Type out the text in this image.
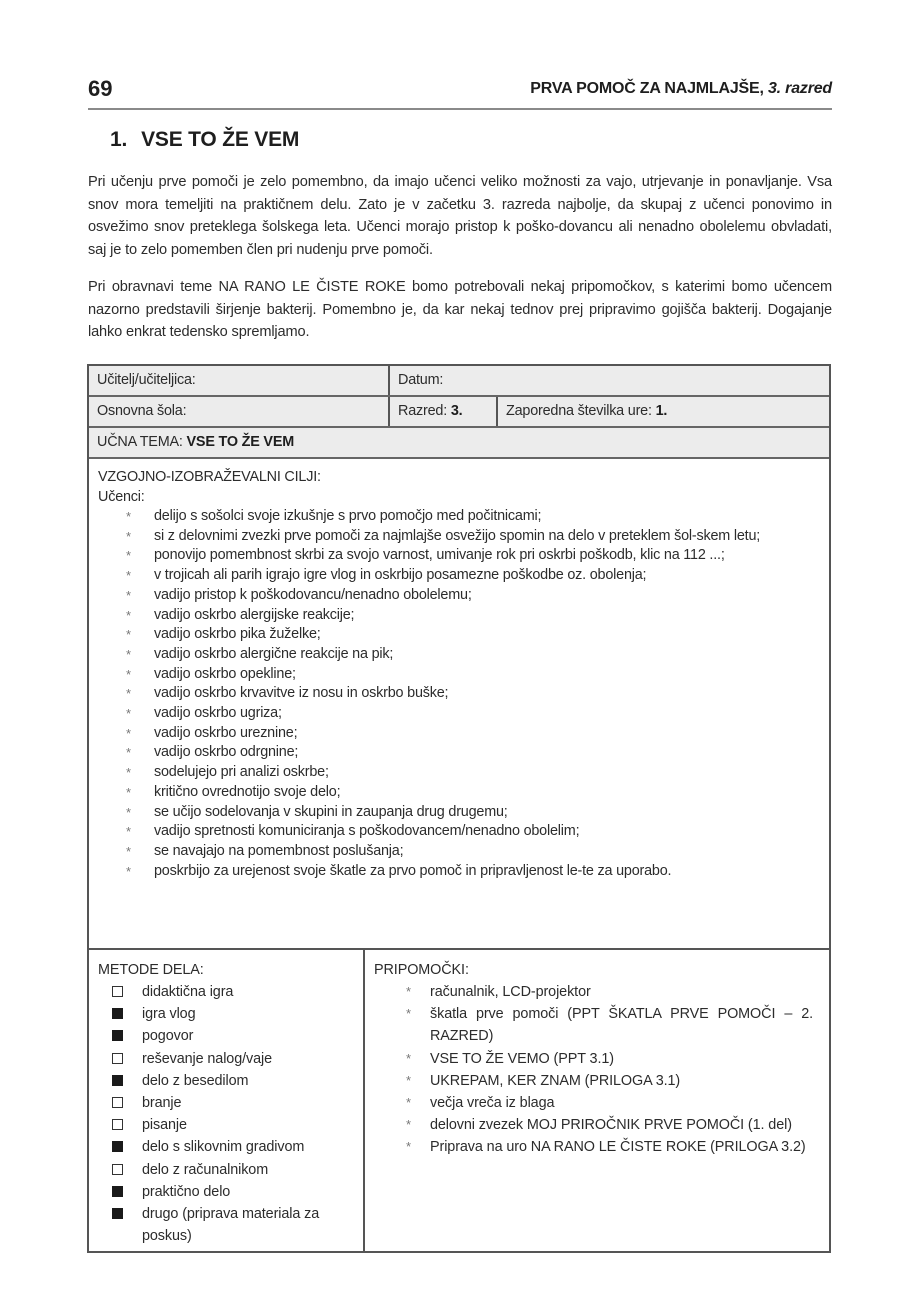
69	PRVA POMOČ ZA NAJMLAJŠE, 3. razred
1. VSE TO ŽE VEM

Pri učenju prve pomoči je zelo pomembno, da imajo učenci veliko možnosti za vajo, utrjevanje in ponavljanje. Vsa snov mora temeljiti na praktičnem delu. Zato je v začetku 3. razreda najbolje, da skupaj z učenci ponovimo in osvežimo snov preteklega šolskega leta. Učenci morajo pristop k poško-dovancu ali nenadno obolelemu obvladati, saj je to zelo pomemben člen pri nudenju prve pomoči.

Pri obravnavi teme NA RANO LE ČISTE ROKE bomo potrebovali nekaj pripomočkov, s katerimi bomo učencem nazorno predstavili širjenje bakterij. Pomembno je, da kar nekaj tednov prej pripravimo gojišča bakterij. Dogajanje lahko enkrat tedensko spremljamo.

Učitelj/učiteljica:	Datum:
Osnovna šola:	Razred: 3.	Zaporedna številka ure: 1.
UČNA TEMA: VSE TO ŽE VEM
VZGOJNO-IZOBRAŽEVALNI CILJI:
Učenci:
* delijo s sošolci svoje izkušnje s prvo pomočjo med počitnicami;
* si z delovnimi zvezki prve pomoči za najmlajše osvežijo spomin na delo v preteklem šol-skem letu;
* ponovijo pomembnost skrbi za svojo varnost, umivanje rok pri oskrbi poškodb, klic na 112 ...;
* v trojicah ali parih igrajo igre vlog in oskrbijo posamezne poškodbe oz. obolenja;
* vadijo pristop k poškodovancu/nenadno obolelemu;
* vadijo oskrbo alergijske reakcije;
* vadijo oskrbo pika žuželke;
* vadijo oskrbo alergične reakcije na pik;
* vadijo oskrbo opekline;
* vadijo oskrbo krvavitve iz nosu in oskrbo buške;
* vadijo oskrbo ugriza;
* vadijo oskrbo ureznine;
* vadijo oskrbo odrgnine;
* sodelujejo pri analizi oskrbe;
* kritično ovrednotijo svoje delo;
* se učijo sodelovanja v skupini in zaupanja drug drugemu;
* vadijo spretnosti komuniciranja s poškodovancem/nenadno obolelim;
* se navajajo na pomembnost poslušanja;
* poskrbijo za urejenost svoje škatle za prvo pomoč in pripravljenost le-te za uporabo.
METODE DELA:
didaktična igra
igra vlog
pogovor
reševanje nalog/vaje
delo z besedilom
branje
pisanje
delo s slikovnim gradivom
delo z računalnikom
praktično delo
drugo (priprava materiala za poskus)
PRIPOMOČKI:
* računalnik, LCD-projektor
* škatla prve pomoči (PPT ŠKATLA PRVE POMOČI – 2. RAZRED)
* VSE TO ŽE VEMO (PPT 3.1)
* UKREPAM, KER ZNAM (PRILOGA 3.1)
* večja vreča iz blaga
* delovni zvezek MOJ PRIROČNIK PRVE POMOČI (1. del)
* Priprava na uro NA RANO LE ČISTE ROKE (PRILOGA 3.2)
